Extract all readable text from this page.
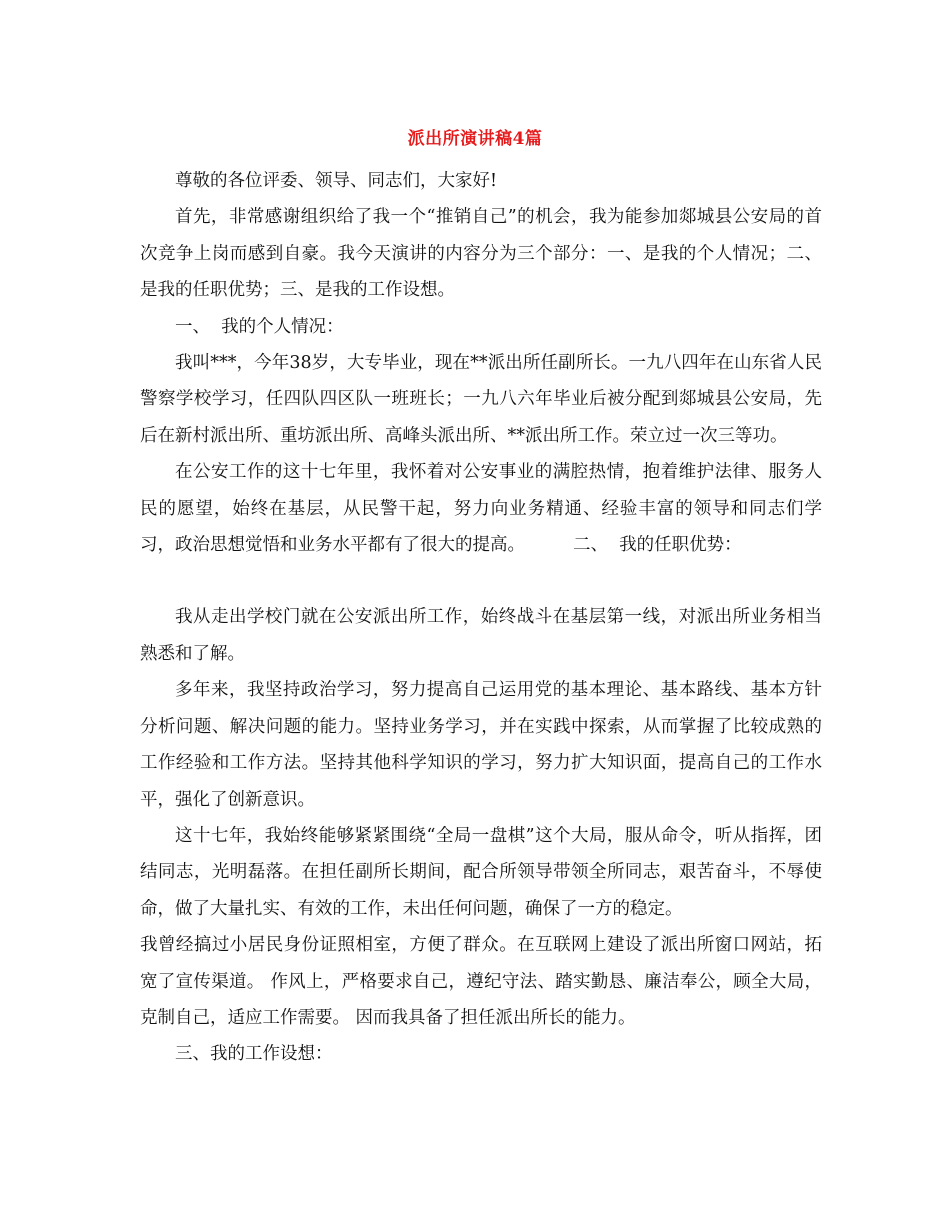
派出所演讲稿4篇

尊敬的各位评委、领导、同志们，大家好!

首先，非常感谢组织给了我一个“推销自己”的机会，我为能参加郯城县公安局的首次竞争上岗而感到自豪。我今天演讲的内容分为三个部分：一、是我的个人情况；二、是我的任职优势；三、是我的工作设想。

一、  我的个人情况：

我叫***，今年38岁，大专毕业，现在**派出所任副所长。一九八四年在山东省人民警察学校学习，任四队四区队一班班长；一九八六年毕业后被分配到郯城县公安局，先后在新村派出所、重坊派出所、高峰头派出所、**派出所工作。荣立过一次三等功。

在公安工作的这十七年里，我怀着对公安事业的满腔热情，抱着维护法律、服务人民的愿望，始终在基层，从民警干起，努力向业务精通、经验丰富的领导和同志们学习，政治思想觉悟和业务水平都有了很大的提高。	二、  我的任职优势：

我从走出学校门就在公安派出所工作，始终战斗在基层第一线，对派出所业务相当熟悉和了解。

多年来，我坚持政治学习，努力提高自己运用党的基本理论、基本路线、基本方针分析问题、解决问题的能力。坚持业务学习，并在实践中探索，从而掌握了比较成熟的工作经验和工作方法。坚持其他科学知识的学习，努力扩大知识面，提高自己的工作水平，强化了创新意识。

这十七年，我始终能够紧紧围绕“全局一盘棋”这个大局，服从命令，听从指挥，团结同志，光明磊落。在担任副所长期间，配合所领导带领全所同志，艰苦奋斗，不辱使命，做了大量扎实、有效的工作，未出任何问题，确保了一方的稳定。

我曾经搞过小居民身份证照相室，方便了群众。在互联网上建设了派出所窗口网站，拓宽了宣传渠道。 作风上，严格要求自己，遵纪守法、踏实勤恳、廉洁奉公，顾全大局，克制自己，适应工作需要。 因而我具备了担任派出所长的能力。

三、我的工作设想：
